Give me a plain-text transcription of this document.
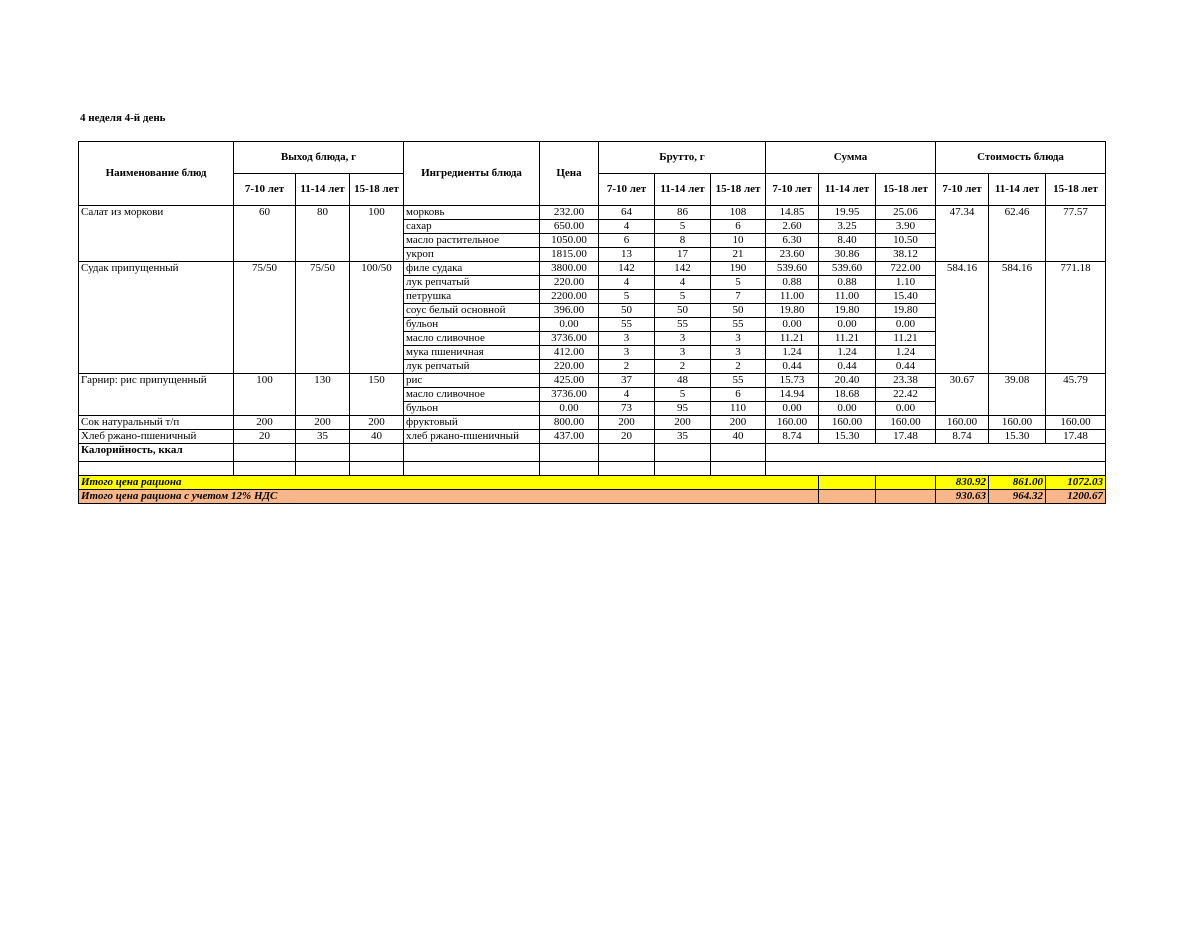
4 неделя 4-й день
Наименование блюд	Выход блюда, г			Ингредиенты блюда	Цена	Брутто, г			Сумма			Стоимость блюда		
	7-10 лет	11-14 лет	15-18 лет			7-10 лет	11-14 лет	15-18 лет	7-10 лет	11-14 лет	15-18 лет	7-10 лет	11-14 лет	15-18 лет
Салат из моркови	60	80	100	морковь	232.00	64	86	108	14.85	19.95	25.06	47.34	62.46	77.57
				сахар	650.00	4	5	6	2.60	3.25	3.90			
				масло растительное	1050.00	6	8	10	6.30	8.40	10.50			
				укроп	1815.00	13	17	21	23.60	30.86	38.12			
Судак припущенный	75/50	75/50	100/50	филе судака	3800.00	142	142	190	539.60	539.60	722.00	584.16	584.16	771.18
				лук репчатый	220.00	4	4	5	0.88	0.88	1.10			
				петрушка	2200.00	5	5	7	11.00	11.00	15.40			
				соус белый основной	396.00	50	50	50	19.80	19.80	19.80			
				бульон	0.00	55	55	55	0.00	0.00	0.00			
				масло сливочное	3736.00	3	3	3	11.21	11.21	11.21			
				мука пшеничная	412.00	3	3	3	1.24	1.24	1.24			
				лук репчатый	220.00	2	2	2	0.44	0.44	0.44			
Гарнир: рис припущенный	100	130	150	рис	425.00	37	48	55	15.73	20.40	23.38	30.67	39.08	45.79
				масло сливочное	3736.00	4	5	6	14.94	18.68	22.42			
				бульон	0.00	73	95	110	0.00	0.00	0.00			
Сок натуральный т/п	200	200	200	фруктовый	800.00	200	200	200	160.00	160.00	160.00	160.00	160.00	160.00
Хлеб ржано-пшеничный	20	35	40	хлеб ржано-пшеничный	437.00	20	35	40	8.74	15.30	17.48	8.74	15.30	17.48
Калорийность, ккал														

Итого цена рациона												830.92	861.00	1072.03
Итого цена рациона с учетом 12% НДС												930.63	964.32	1200.67
